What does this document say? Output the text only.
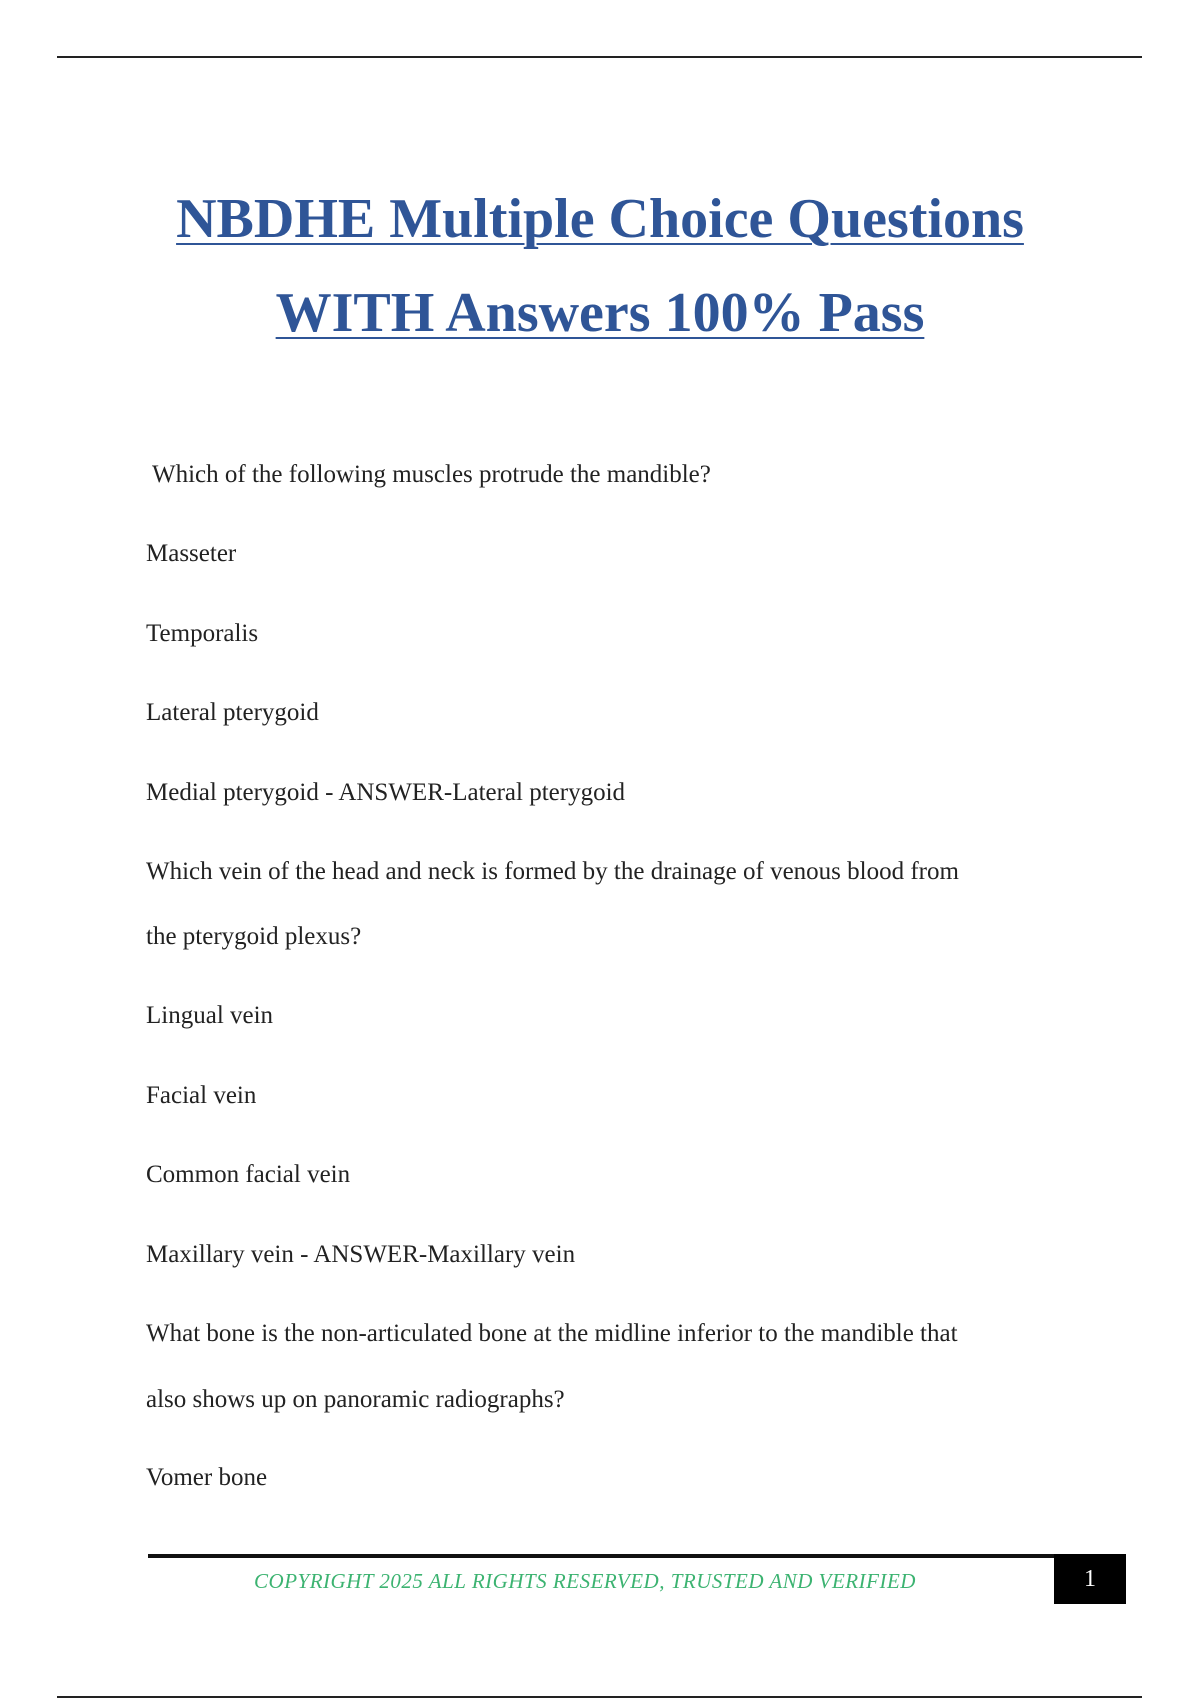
NBDHE Multiple Choice Questions
WITH Answers 100% Pass
Which of the following muscles protrude the mandible?
Masseter
Temporalis
Lateral pterygoid
Medial pterygoid - ANSWER-Lateral pterygoid
Which vein of the head and neck is formed by the drainage of venous blood from
the pterygoid plexus?
Lingual vein
Facial vein
Common facial vein
Maxillary vein - ANSWER-Maxillary vein
What bone is the non-articulated bone at the midline inferior to the mandible that
also shows up on panoramic radiographs?
Vomer bone
COPYRIGHT 2025 ALL RIGHTS RESERVED, TRUSTED AND VERIFIED	1
